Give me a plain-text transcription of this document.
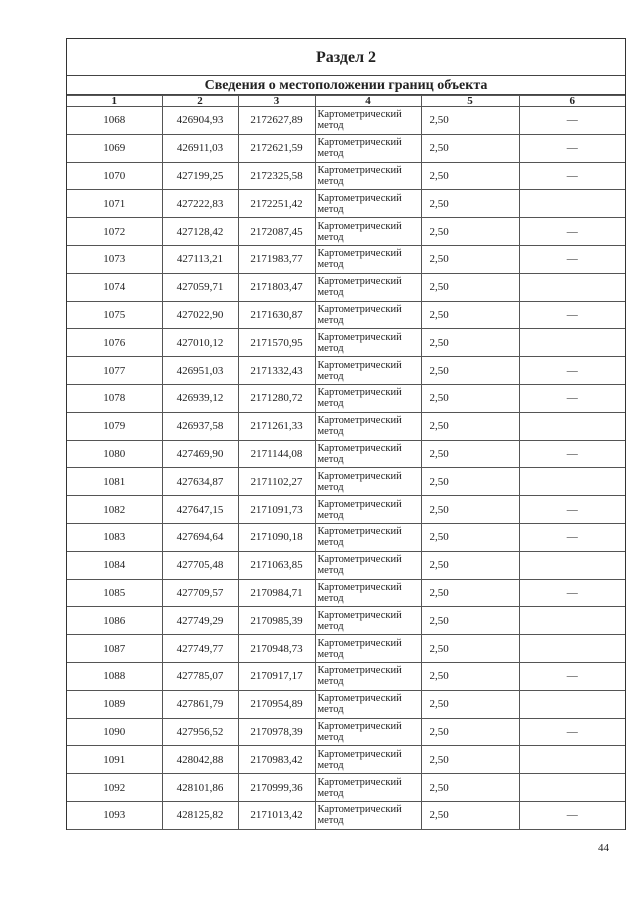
Раздел 2
Сведения о местоположении границ объекта
1	2	3	4	5	6
1068	426904,93	2172627,89	Картометрический метод	2,50	—
1069	426911,03	2172621,59	Картометрический метод	2,50	—
1070	427199,25	2172325,58	Картометрический метод	2,50	—
1071	427222,83	2172251,42	Картометрический метод	2,50	
1072	427128,42	2172087,45	Картометрический метод	2,50	—
1073	427113,21	2171983,77	Картометрический метод	2,50	—
1074	427059,71	2171803,47	Картометрический метод	2,50	
1075	427022,90	2171630,87	Картометрический метод	2,50	—
1076	427010,12	2171570,95	Картометрический метод	2,50	
1077	426951,03	2171332,43	Картометрический метод	2,50	—
1078	426939,12	2171280,72	Картометрический метод	2,50	—
1079	426937,58	2171261,33	Картометрический метод	2,50	
1080	427469,90	2171144,08	Картометрический метод	2,50	—
1081	427634,87	2171102,27	Картометрический метод	2,50	
1082	427647,15	2171091,73	Картометрический метод	2,50	—
1083	427694,64	2171090,18	Картометрический метод	2,50	—
1084	427705,48	2171063,85	Картометрический метод	2,50	
1085	427709,57	2170984,71	Картометрический метод	2,50	—
1086	427749,29	2170985,39	Картометрический метод	2,50	
1087	427749,77	2170948,73	Картометрический метод	2,50	
1088	427785,07	2170917,17	Картометрический метод	2,50	—
1089	427861,79	2170954,89	Картометрический метод	2,50	
1090	427956,52	2170978,39	Картометрический метод	2,50	—
1091	428042,88	2170983,42	Картометрический метод	2,50	
1092	428101,86	2170999,36	Картометрический метод	2,50	
1093	428125,82	2171013,42	Картометрический метод	2,50	—
44
